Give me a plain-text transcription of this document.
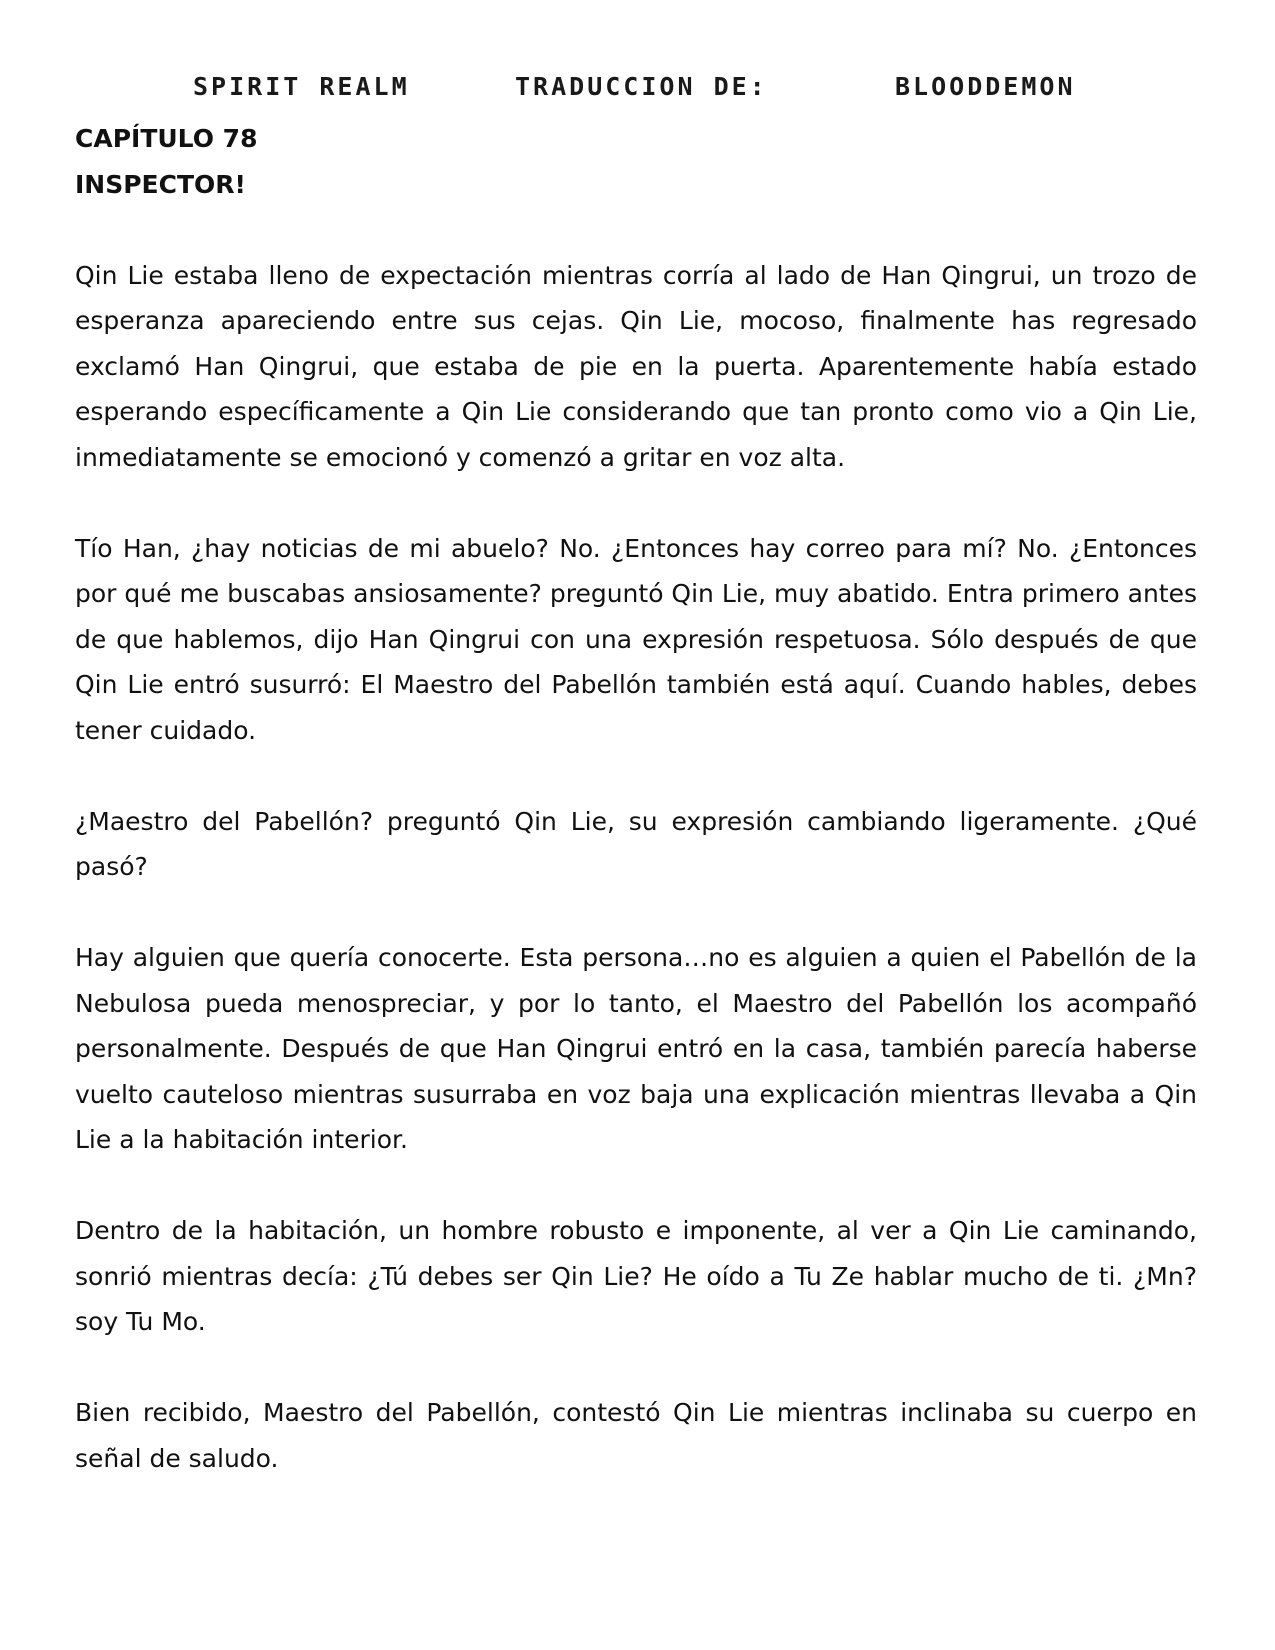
SPIRIT REALM	TRADUCCION DE:	BLOODDEMON

CAPÍTULO 78

INSPECTOR!

Qin Lie estaba lleno de expectación mientras corría al lado de Han Qingrui, un trozo de esperanza apareciendo entre sus cejas. Qin Lie, mocoso, finalmente has regresado exclamó Han Qingrui, que estaba de pie en la puerta. Aparentemente había estado esperando específicamente a Qin Lie considerando que tan pronto como vio a Qin Lie, inmediatamente se emocionó y comenzó a gritar en voz alta.

Tío Han, ¿hay noticias de mi abuelo? No. ¿Entonces hay correo para mí? No. ¿Entonces por qué me buscabas ansiosamente? preguntó Qin Lie, muy abatido. Entra primero antes de que hablemos, dijo Han Qingrui con una expresión respetuosa. Sólo después de que Qin Lie entró susurró: El Maestro del Pabellón también está aquí. Cuando hables, debes tener cuidado.

¿Maestro del Pabellón? preguntó Qin Lie, su expresión cambiando ligeramente. ¿Qué pasó?

Hay alguien que quería conocerte. Esta persona…no es alguien a quien el Pabellón de la Nebulosa pueda menospreciar, y por lo tanto, el Maestro del Pabellón los acompañó personalmente. Después de que Han Qingrui entró en la casa, también parecía haberse vuelto cauteloso mientras susurraba en voz baja una explicación mientras llevaba a Qin Lie a la habitación interior.

Dentro de la habitación, un hombre robusto e imponente, al ver a Qin Lie caminando, sonrió mientras decía: ¿Tú debes ser Qin Lie? He oído a Tu Ze hablar mucho de ti. ¿Mn? soy Tu Mo.

Bien recibido, Maestro del Pabellón, contestó Qin Lie mientras inclinaba su cuerpo en señal de saludo.
